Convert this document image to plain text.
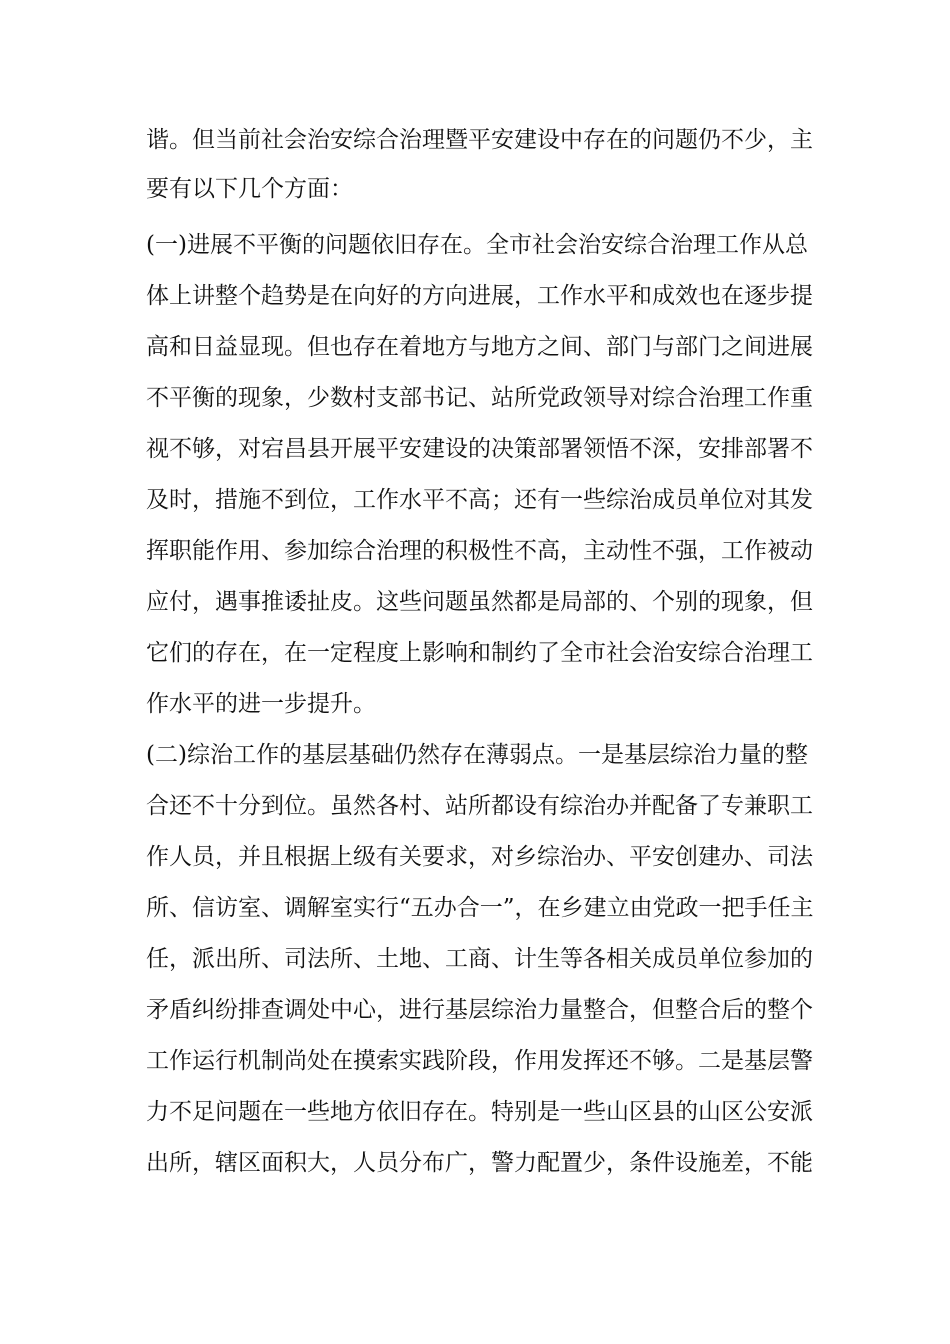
谐。但当前社会治安综合治理暨平安建设中存在的问题仍不少，主
要有以下几个方面：
(一)进展不平衡的问题依旧存在。全市社会治安综合治理工作从总
体上讲整个趋势是在向好的方向进展，工作水平和成效也在逐步提
高和日益显现。但也存在着地方与地方之间、部门与部门之间进展
不平衡的现象，少数村支部书记、站所党政领导对综合治理工作重
视不够，对宕昌县开展平安建设的决策部署领悟不深，安排部署不
及时，措施不到位，工作水平不高；还有一些综治成员单位对其发
挥职能作用、参加综合治理的积极性不高，主动性不强，工作被动
应付，遇事推诿扯皮。这些问题虽然都是局部的、个别的现象，但
它们的存在，在一定程度上影响和制约了全市社会治安综合治理工
作水平的进一步提升。
(二)综治工作的基层基础仍然存在薄弱点。一是基层综治力量的整
合还不十分到位。虽然各村、站所都设有综治办并配备了专兼职工
作人员，并且根据上级有关要求，对乡综治办、平安创建办、司法
所、信访室、调解室实行“五办合一”，在乡建立由党政一把手任主
任，派出所、司法所、土地、工商、计生等各相关成员单位参加的
矛盾纠纷排查调处中心，进行基层综治力量整合，但整合后的整个
工作运行机制尚处在摸索实践阶段，作用发挥还不够。二是基层警
力不足问题在一些地方依旧存在。特别是一些山区县的山区公安派
出所，辖区面积大，人员分布广，警力配置少，条件设施差，不能
